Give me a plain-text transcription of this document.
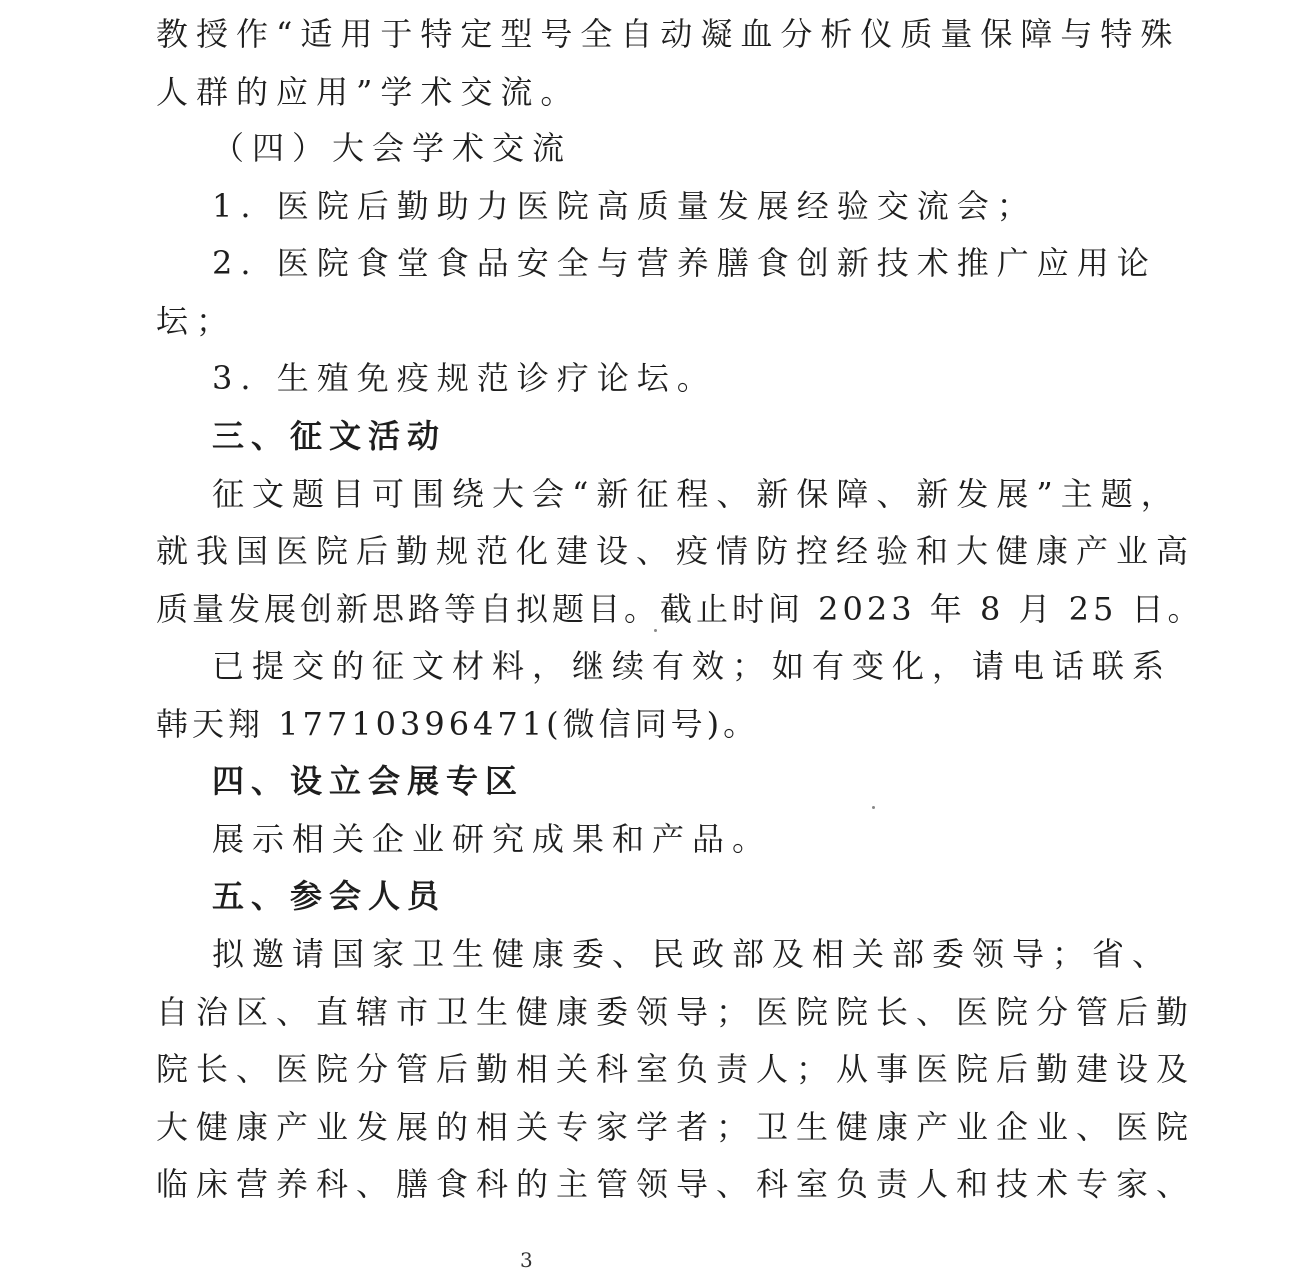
教授作“适用于特定型号全自动凝血分析仪质量保障与特殊
人群的应用”学术交流。
（四）大会学术交流
1. 医院后勤助力医院高质量发展经验交流会；
2. 医院食堂食品安全与营养膳食创新技术推广应用论
坛；
3. 生殖免疫规范诊疗论坛。
三、征文活动
征文题目可围绕大会“新征程、新保障、新发展”主题，
就我国医院后勤规范化建设、疫情防控经验和大健康产业高
质量发展创新思路等自拟题目。截止时间 2023 年 8 月 25 日。
已提交的征文材料，继续有效；如有变化，请电话联系
韩天翔 17710396471(微信同号)。
四、设立会展专区
展示相关企业研究成果和产品。
五、参会人员
拟邀请国家卫生健康委、民政部及相关部委领导；省、
自治区、直辖市卫生健康委领导；医院院长、医院分管后勤
院长、医院分管后勤相关科室负责人；从事医院后勤建设及
大健康产业发展的相关专家学者；卫生健康产业企业、医院
临床营养科、膳食科的主管领导、科室负责人和技术专家、
3
